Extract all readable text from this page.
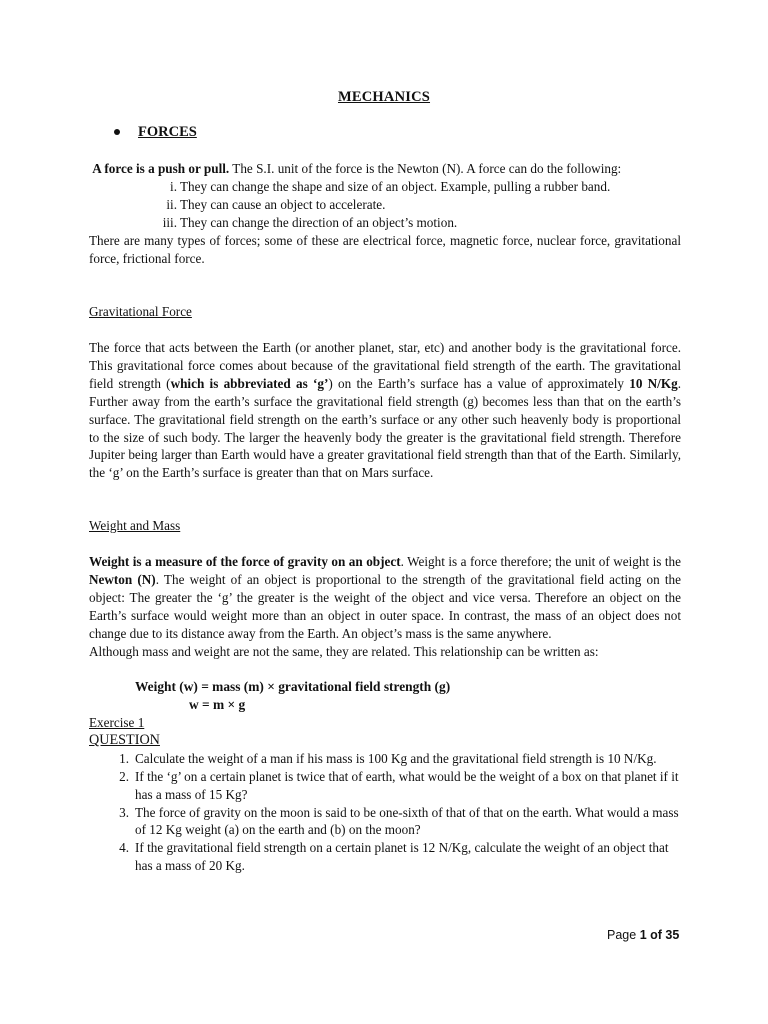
MECHANICS
FORCES

A force is a push or pull. The S.I. unit of the force is the Newton (N). A force can do the following:

i. They can change the shape and size of an object. Example, pulling a rubber band.
ii. They can cause an object to accelerate.
iii. They can change the direction of an object’s motion.

There are many types of forces; some of these are electrical force, magnetic force, nuclear force, gravitational force, frictional force.

Gravitational Force

The force that acts between the Earth (or another planet, star, etc) and another body is the gravitational force. This gravitational force comes about because of the gravitational field strength of the earth. The gravitational field strength (which is abbreviated as ‘g’) on the Earth’s surface has a value of approximately 10 N/Kg. Further away from the earth’s surface the gravitational field strength (g) becomes less than that on the earth’s surface. The gravitational field strength on the earth’s surface or any other such heavenly body is proportional to the size of such body. The larger the heavenly body the greater is the gravitational field strength. Therefore Jupiter being larger than Earth would have a greater gravitational field strength than that of the Earth. Similarly, the ‘g’ on the Earth’s surface is greater than that on Mars surface.

Weight and Mass

Weight is a measure of the force of gravity on an object. Weight is a force therefore; the unit of weight is the Newton (N). The weight of an object is proportional to the strength of the gravitational field acting on the object: The greater the ‘g’ the greater is the weight of the object and vice versa. Therefore an object on the Earth’s surface would weight more than an object in outer space. In contrast, the mass of an object does not change due to its distance away from the Earth. An object’s mass is the same anywhere.

Although mass and weight are not the same, they are related. This relationship can be written as:

Weight (w) = mass (m) × gravitational field strength (g)
w = m × g

Exercise 1

QUESTION

1. Calculate the weight of a man if his mass is 100 Kg and the gravitational field strength is 10 N/Kg.
2. If the ‘g’ on a certain planet is twice that of earth, what would be the weight of a box on that planet if it has a mass of 15 Kg?
3. The force of gravity on the moon is said to be one-sixth of that of that on the earth. What would a mass of 12 Kg weight (a) on the earth and (b) on the moon?
4. If the gravitational field strength on a certain planet is 12 N/Kg, calculate the weight of an object that has a mass of 20 Kg.
Page 1 of 35
